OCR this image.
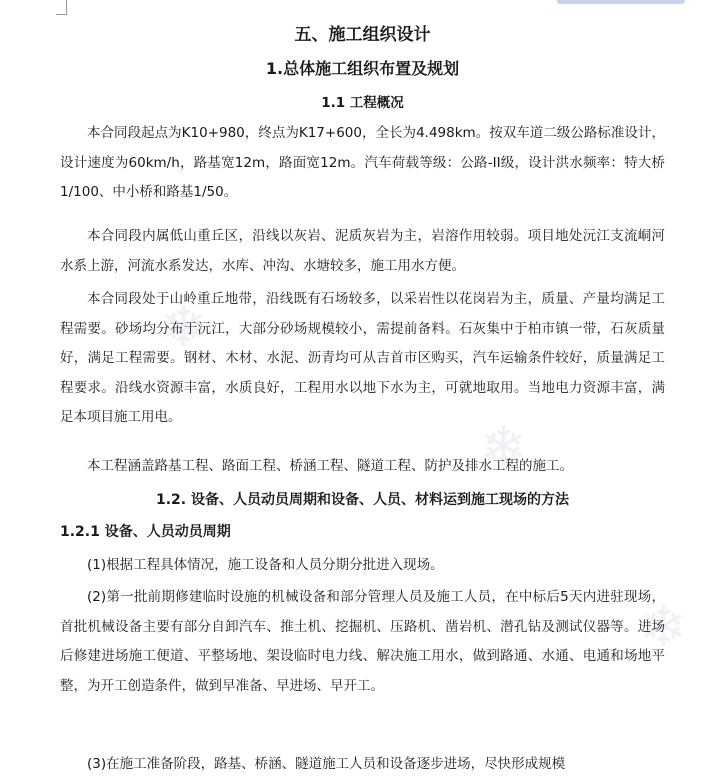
❄
❄
❄
五、施工组织设计
1.总体施工组织布置及规划
1.1 工程概况

本合同段起点为K10+980，终点为K17+600，全长为4.498km。按双车道二级公路标准设计，设计速度为60km/h，路基宽12m，路面宽12m。汽车荷载等级：公路-II级，设计洪水频率：特大桥1/100、中小桥和路基1/50。

本合同段内属低山重丘区，沿线以灰岩、泥质灰岩为主，岩溶作用较弱。项目地处沅江支流峒河水系上游，河流水系发达，水库、冲沟、水塘较多，施工用水方便。

本合同段处于山岭重丘地带，沿线既有石场较多，以采岩性以花岗岩为主，质量、产量均满足工程需要。砂场均分布于沅江，大部分砂场规模较小，需提前备料。石灰集中于柏市镇一带，石灰质量好，满足工程需要。钢材、木材、水泥、沥青均可从吉首市区购买，汽车运输条件较好，质量满足工程要求。沿线水资源丰富，水质良好，工程用水以地下水为主，可就地取用。当地电力资源丰富，满足本项目施工用电。

本工程涵盖路基工程、路面工程、桥涵工程、隧道工程、防护及排水工程的施工。

1.2. 设备、人员动员周期和设备、人员、材料运到施工现场的方法
1.2.1 设备、人员动员周期

(1)根据工程具体情况，施工设备和人员分期分批进入现场。

(2)第一批前期修建临时设施的机械设备和部分管理人员及施工人员，在中标后5天内进驻现场，首批机械设备主要有部分自卸汽车、推土机、挖掘机、压路机、凿岩机、潜孔钻及测试仪器等。进场后修建进场施工便道、平整场地、架设临时电力线、解决施工用水，做到路通、水通、电通和场地平整，为开工创造条件，做到早准备、早进场、早开工。

(3)在施工准备阶段，路基、桥涵、隧道施工人员和设备逐步进场，尽快形成规模
